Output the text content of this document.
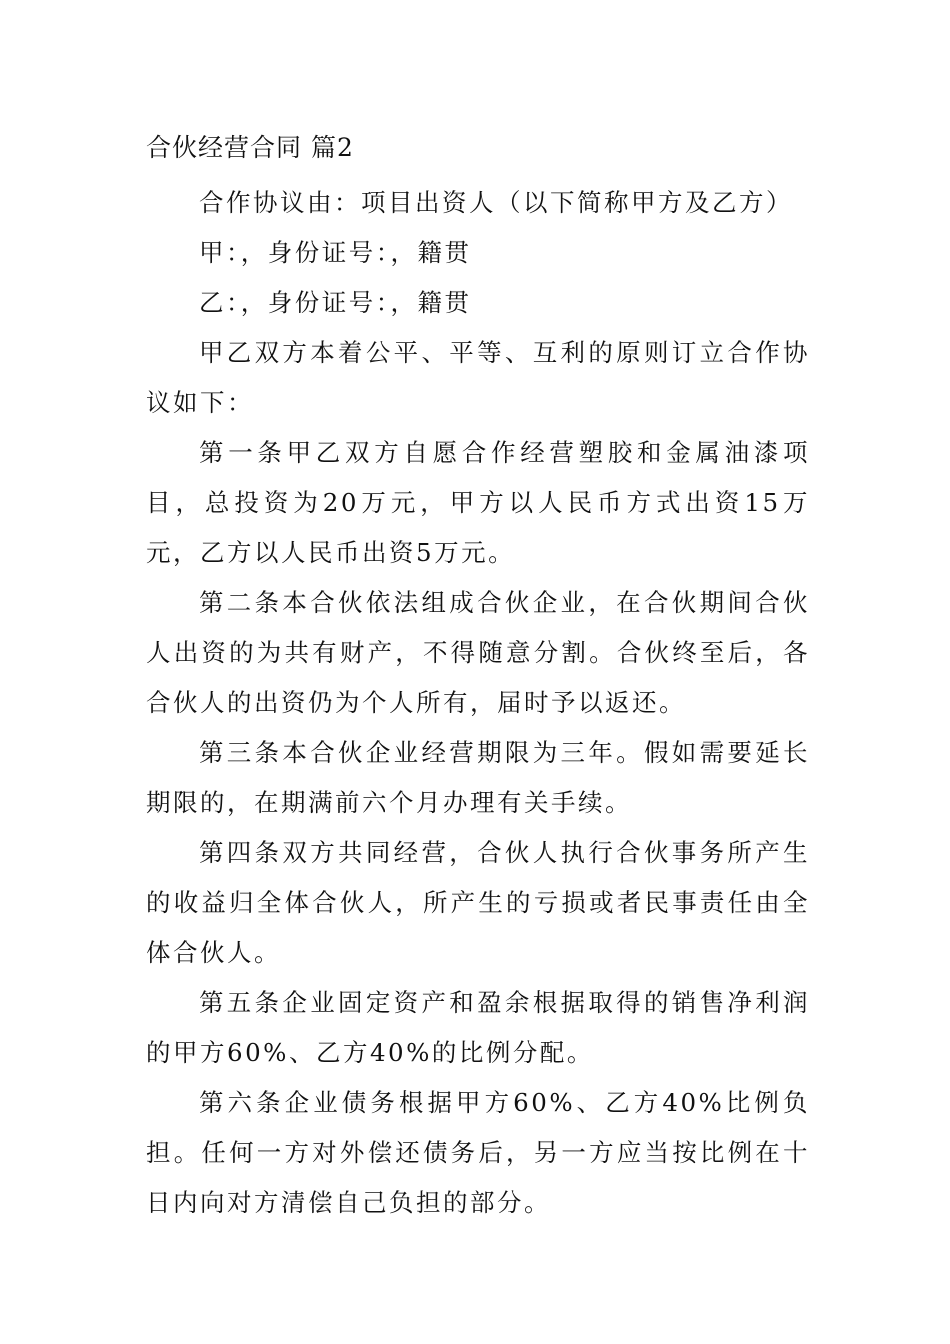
合伙经营合同 篇2

合作协议由：项目出资人（以下简称甲方及乙方）

甲：，身份证号：，籍贯

乙：，身份证号：，籍贯

甲乙双方本着公平、平等、互利的原则订立合作协议如下：

第一条甲乙双方自愿合作经营塑胶和金属油漆项目，总投资为20万元，甲方以人民币方式出资15万元，乙方以人民币出资5万元。

第二条本合伙依法组成合伙企业，在合伙期间合伙人出资的为共有财产，不得随意分割。合伙终至后，各合伙人的出资仍为个人所有，届时予以返还。

第三条本合伙企业经营期限为三年。假如需要延长期限的，在期满前六个月办理有关手续。

第四条双方共同经营，合伙人执行合伙事务所产生的收益归全体合伙人，所产生的亏损或者民事责任由全体合伙人。

第五条企业固定资产和盈余根据取得的销售净利润的甲方60%、乙方40%的比例分配。

第六条企业债务根据甲方60%、乙方40%比例负担。任何一方对外偿还债务后，另一方应当按比例在十日内向对方清偿自己负担的部分。
